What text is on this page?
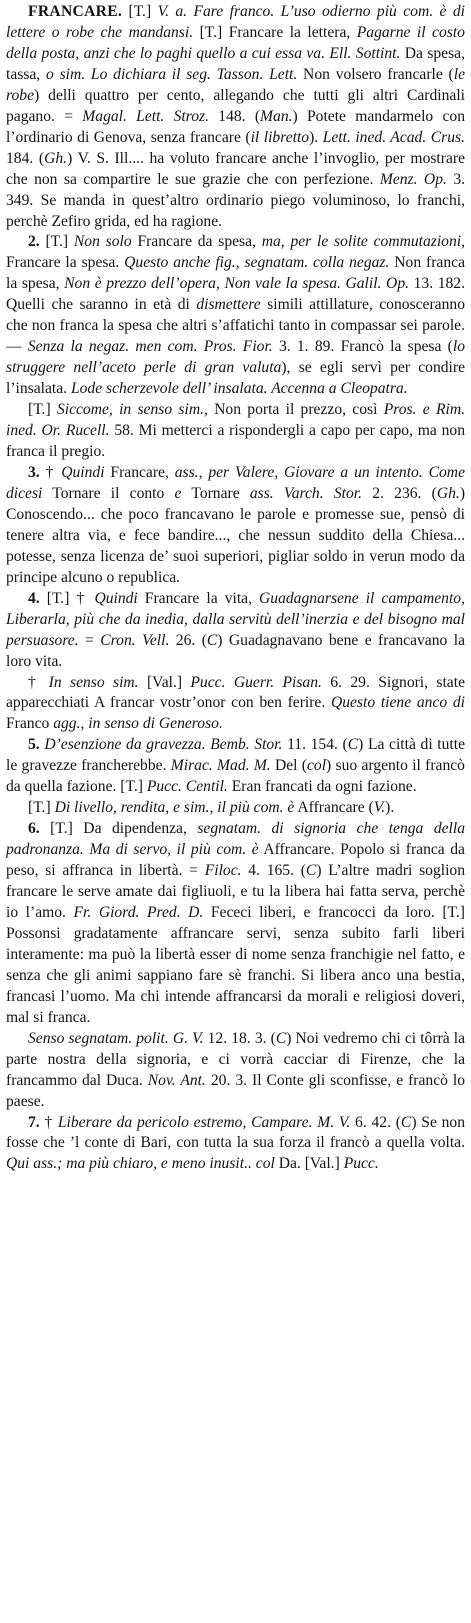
FRANCARE. [T.] V. a. Fare franco. L’uso odierno più com. è di lettere o robe che mandansi. [T.] Francare la lettera, Pagarne il costo della posta, anzi che lo paghi quello a cui essa va. Ell. Sottint. Da spesa, tassa, o sim. Lo dichiara il seg. Tasson. Lett. Non volsero francarle (le robe) delli quattro per cento, allegando che tutti gli altri Cardinali pagano. = Magal. Lett. Stroz. 148. (Man.) Potete mandarmelo con l’ordinario di Genova, senza francare (il libretto). Lett. ined. Acad. Crus. 184. (Gh.) V. S. Ill.... ha voluto francare anche l’invoglio, per mostrare che non sa compartire le sue grazie che con perfezione. Menz. Op. 3. 349. Se manda in quest’altro ordinario piego voluminoso, lo franchi, perchè Zefiro grida, ed ha ragione.

2. [T.] Non solo Francare da spesa, ma, per le solite commutazioni, Francare la spesa. Questo anche fig., segnatam. colla negaz. Non franca la spesa, Non è prezzo dell’opera, Non vale la spesa. Galil. Op. 13. 182. Quelli che saranno in età di dismettere simili attillature, conosceranno che non franca la spesa che altri s’affatichi tanto in compassar sei parole. — Senza la negaz. men com. Pros. Fior. 3. 1. 89. Francò la spesa (lo struggere nell’aceto perle di gran valuta), se egli servì per condire l’insalata. Lode scherzevole dell’ insalata. Accenna a Cleopatra.

[T.] Siccome, in senso sim., Non porta il prezzo, così Pros. e Rim. ined. Or. Rucell. 58. Mi metterci a rispondergli a capo per capo, ma non franca il pregio.

3. † Quindi Francare, ass., per Valere, Giovare a un intento. Come dicesi Tornare il conto e Tornare ass. Varch. Stor. 2. 236. (Gh.) Conoscendo... che poco francavano le parole e promesse sue, pensò di tenere altra via, e fece bandire..., che nessun suddito della Chiesa... potesse, senza licenza de’ suoi superiori, pigliar soldo in verun modo da principe alcuno o republica.

4. [T.] † Quindi Francare la vita, Guadagnarsene il campamento, Liberarla, più che da inedia, dalla servitù dell’inerzia e del bisogno mal persuasore. = Cron. Vell. 26. (C) Guadagnavano bene e francavano la loro vita.

† In senso sim. [Val.] Pucc. Guerr. Pisan. 6. 29. Signori, state apparecchiati A francar vostr’onor con ben ferire. Questo tiene anco di Franco agg., in senso di Generoso.

5. D’esenzione da gravezza. Bemb. Stor. 11. 154. (C) La città di tutte le gravezze francherebbe. Mirac. Mad. M. Del (col) suo argento il francò da quella fazione. [T.] Pucc. Centil. Eran francati da ogni fazione.

[T.] Di livello, rendita, e sim., il più com. è Affrancare (V.).

6. [T.] Da dipendenza, segnatam. di signoria che tenga della padronanza. Ma di servo, il più com. è Affrancare. Popolo si franca da peso, si affranca in libertà. = Filoc. 4. 165. (C) L’altre madri soglion francare le serve amate dai figliuoli, e tu la libera hai fatta serva, perchè io l’amo. Fr. Giord. Pred. D. Fececi liberi, e francocci da loro. [T.] Possonsi gradatamente affrancare servi, senza subito farli liberi interamente: ma può la libertà esser di nome senza franchigie nel fatto, e senza che gli animi sappiano fare sè franchi. Si libera anco una bestia, francasi l’uomo. Ma chi intende affrancarsi da morali e religiosi doveri, mal si franca.

Senso segnatam. polit. G. V. 12. 18. 3. (C) Noi vedremo chi ci tôrrà la parte nostra della signoria, e ci vorrà cacciar di Firenze, che la francammo dal Duca. Nov. Ant. 20. 3. Il Conte gli sconfisse, e francò lo paese.

7. † Liberare da pericolo estremo, Campare. M. V. 6. 42. (C) Se non fosse che ’l conte di Bari, con tutta la sua forza il francò a quella volta. Qui ass.; ma più chiaro, e meno inusit.. col Da. [Val.] Pucc.
